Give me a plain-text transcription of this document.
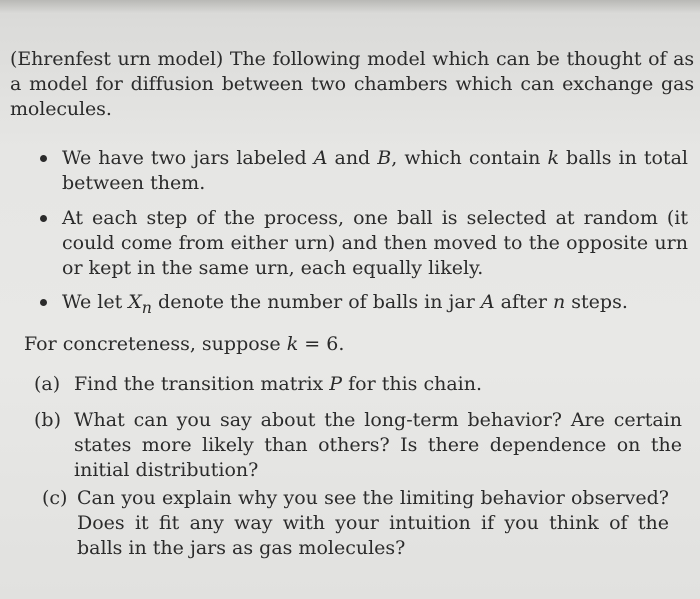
(Ehrenfest urn model) The following model which can be thought of as a model for diffusion between two chambers which can exchange gas molecules.
We have two jars labeled A and B, which contain k balls in total between them.
At each step of the process, one ball is selected at random (it could come from either urn) and then moved to the opposite urn or kept in the same urn, each equally likely.
We let $X_n$ denote the number of balls in jar A after n steps.
For concreteness, suppose k = 6.
(a) Find the transition matrix P for this chain.
(b) What can you say about the long-term behavior? Are certain states more likely than others? Is there dependence on the initial distribution?
(c) Can you explain why you see the limiting behavior observed? Does it fit any way with your intuition if you think of the balls in the jars as gas molecules?
